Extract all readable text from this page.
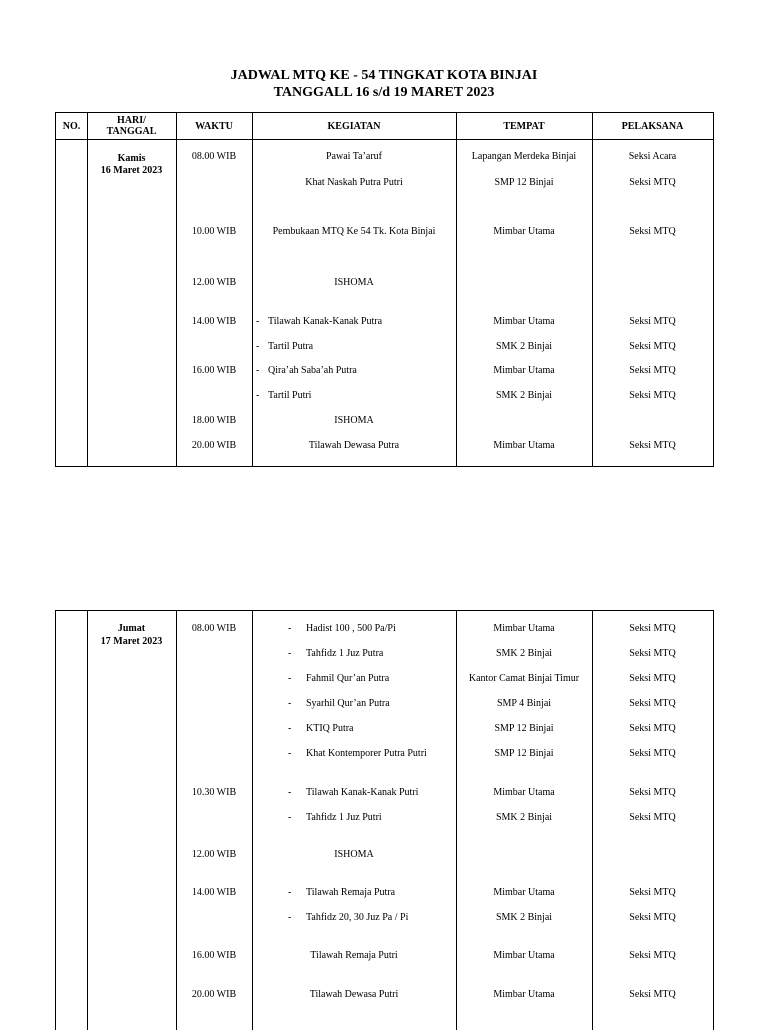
JADWAL MTQ KE - 54 TINGKAT KOTA BINJAI
TANGGALL 16 s/d 19 MARET 2023
NO.
HARI/
TANGGAL	WAKTU	KEGIATAN	TEMPAT	PELAKSANA
Kamis
16 Maret 2023
08.00 WIB	Pawai Ta’aruf	Lapangan Merdeka Binjai	Seksi Acara
Khat Naskah Putra Putri	SMP 12 Binjai	Seksi MTQ
10.00 WIB	Pembukaan MTQ Ke 54 Tk. Kota Binjai	Mimbar Utama	Seksi MTQ
12.00 WIB	ISHOMA
14.00 WIB	- Tilawah Kanak-Kanak Putra	Mimbar Utama	Seksi MTQ
- Tartil Putra	SMK 2 Binjai	Seksi MTQ
16.00 WIB	- Qira’ah Saba’ah Putra	Mimbar Utama	Seksi MTQ
- Tartil Putri	SMK 2 Binjai	Seksi MTQ
18.00 WIB	ISHOMA
20.00 WIB	Tilawah Dewasa Putra	Mimbar Utama	Seksi MTQ
Jumat
17 Maret 2023
08.00 WIB	- Hadist 100 , 500 Pa/Pi	Mimbar Utama	Seksi MTQ
- Tahfidz 1 Juz Putra	SMK 2 Binjai	Seksi MTQ
- Fahmil Qur’an Putra	Kantor Camat Binjai Timur	Seksi MTQ
- Syarhil Qur’an Putra	SMP 4 Binjai	Seksi MTQ
- KTIQ Putra	SMP 12 Binjai	Seksi MTQ
- Khat Kontemporer Putra Putri	SMP 12 Binjai	Seksi MTQ
10.30 WIB	- Tilawah Kanak-Kanak Putri	Mimbar Utama	Seksi MTQ
- Tahfidz 1 Juz Putri	SMK 2 Binjai	Seksi MTQ
12.00 WIB	ISHOMA
14.00 WIB	- Tilawah Remaja Putra	Mimbar Utama	Seksi MTQ
- Tahfidz 20, 30 Juz Pa / Pi	SMK 2 Binjai	Seksi MTQ
16.00 WIB	Tilawah Remaja Putri	Mimbar Utama	Seksi MTQ
20.00 WIB	Tilawah Dewasa Putri	Mimbar Utama	Seksi MTQ
